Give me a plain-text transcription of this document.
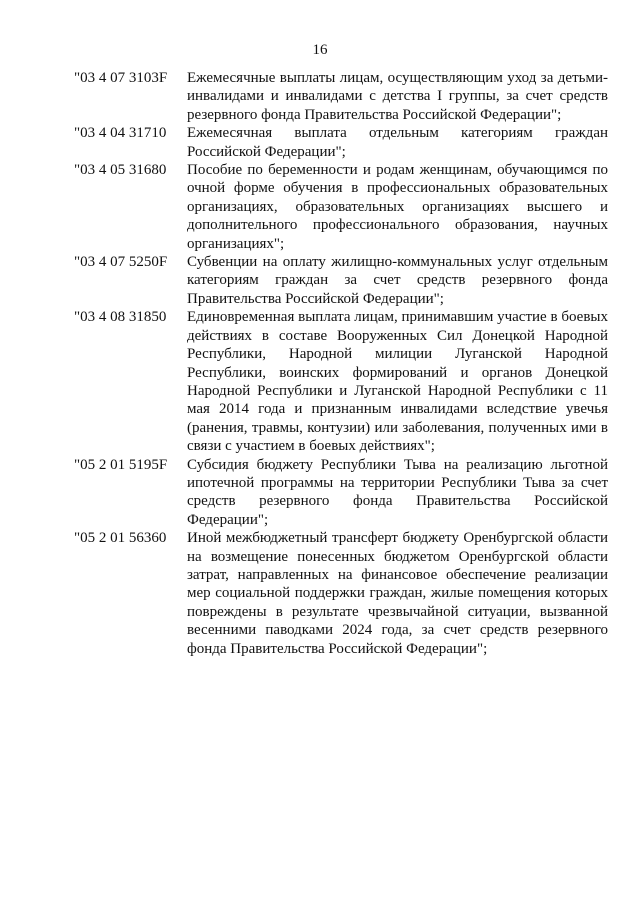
16
"03 4 07 3103F	Ежемесячные выплаты лицам, осуществляющим уход за детьми-инвалидами и инвалидами с детства I группы, за счет средств резервного фонда Правительства Российской Федерации";
"03 4 04 31710	Ежемесячная выплата отдельным категориям граждан Российской Федерации";
"03 4 05 31680	Пособие по беременности и родам женщинам, обучающимся по очной форме обучения в профессиональных образовательных организациях, образовательных организациях высшего и дополнительного профессионального образования, научных организациях";
"03 4 07 5250F	Субвенции на оплату жилищно-коммунальных услуг отдельным категориям граждан за счет средств резервного фонда Правительства Российской Федерации";
"03 4 08 31850	Единовременная выплата лицам, принимавшим участие в боевых действиях в составе Вооруженных Сил Донецкой Народной Республики, Народной милиции Луганской Народной Республики, воинских формирований и органов Донецкой Народной Республики и Луганской Народной Республики с 11 мая 2014 года и признанным инвалидами вследствие увечья (ранения, травмы, контузии) или заболевания, полученных ими в связи с участием в боевых действиях";
"05 2 01 5195F	Субсидия бюджету Республики Тыва на реализацию льготной ипотечной программы на территории Республики Тыва за счет средств резервного фонда Правительства Российской Федерации";
"05 2 01 56360	Иной межбюджетный трансферт бюджету Оренбургской области на возмещение понесенных бюджетом Оренбургской области затрат, направленных на финансовое обеспечение реализации мер социальной поддержки граждан, жилые помещения которых повреждены в результате чрезвычайной ситуации, вызванной весенними паводками 2024 года, за счет средств резервного фонда Правительства Российской Федерации";
